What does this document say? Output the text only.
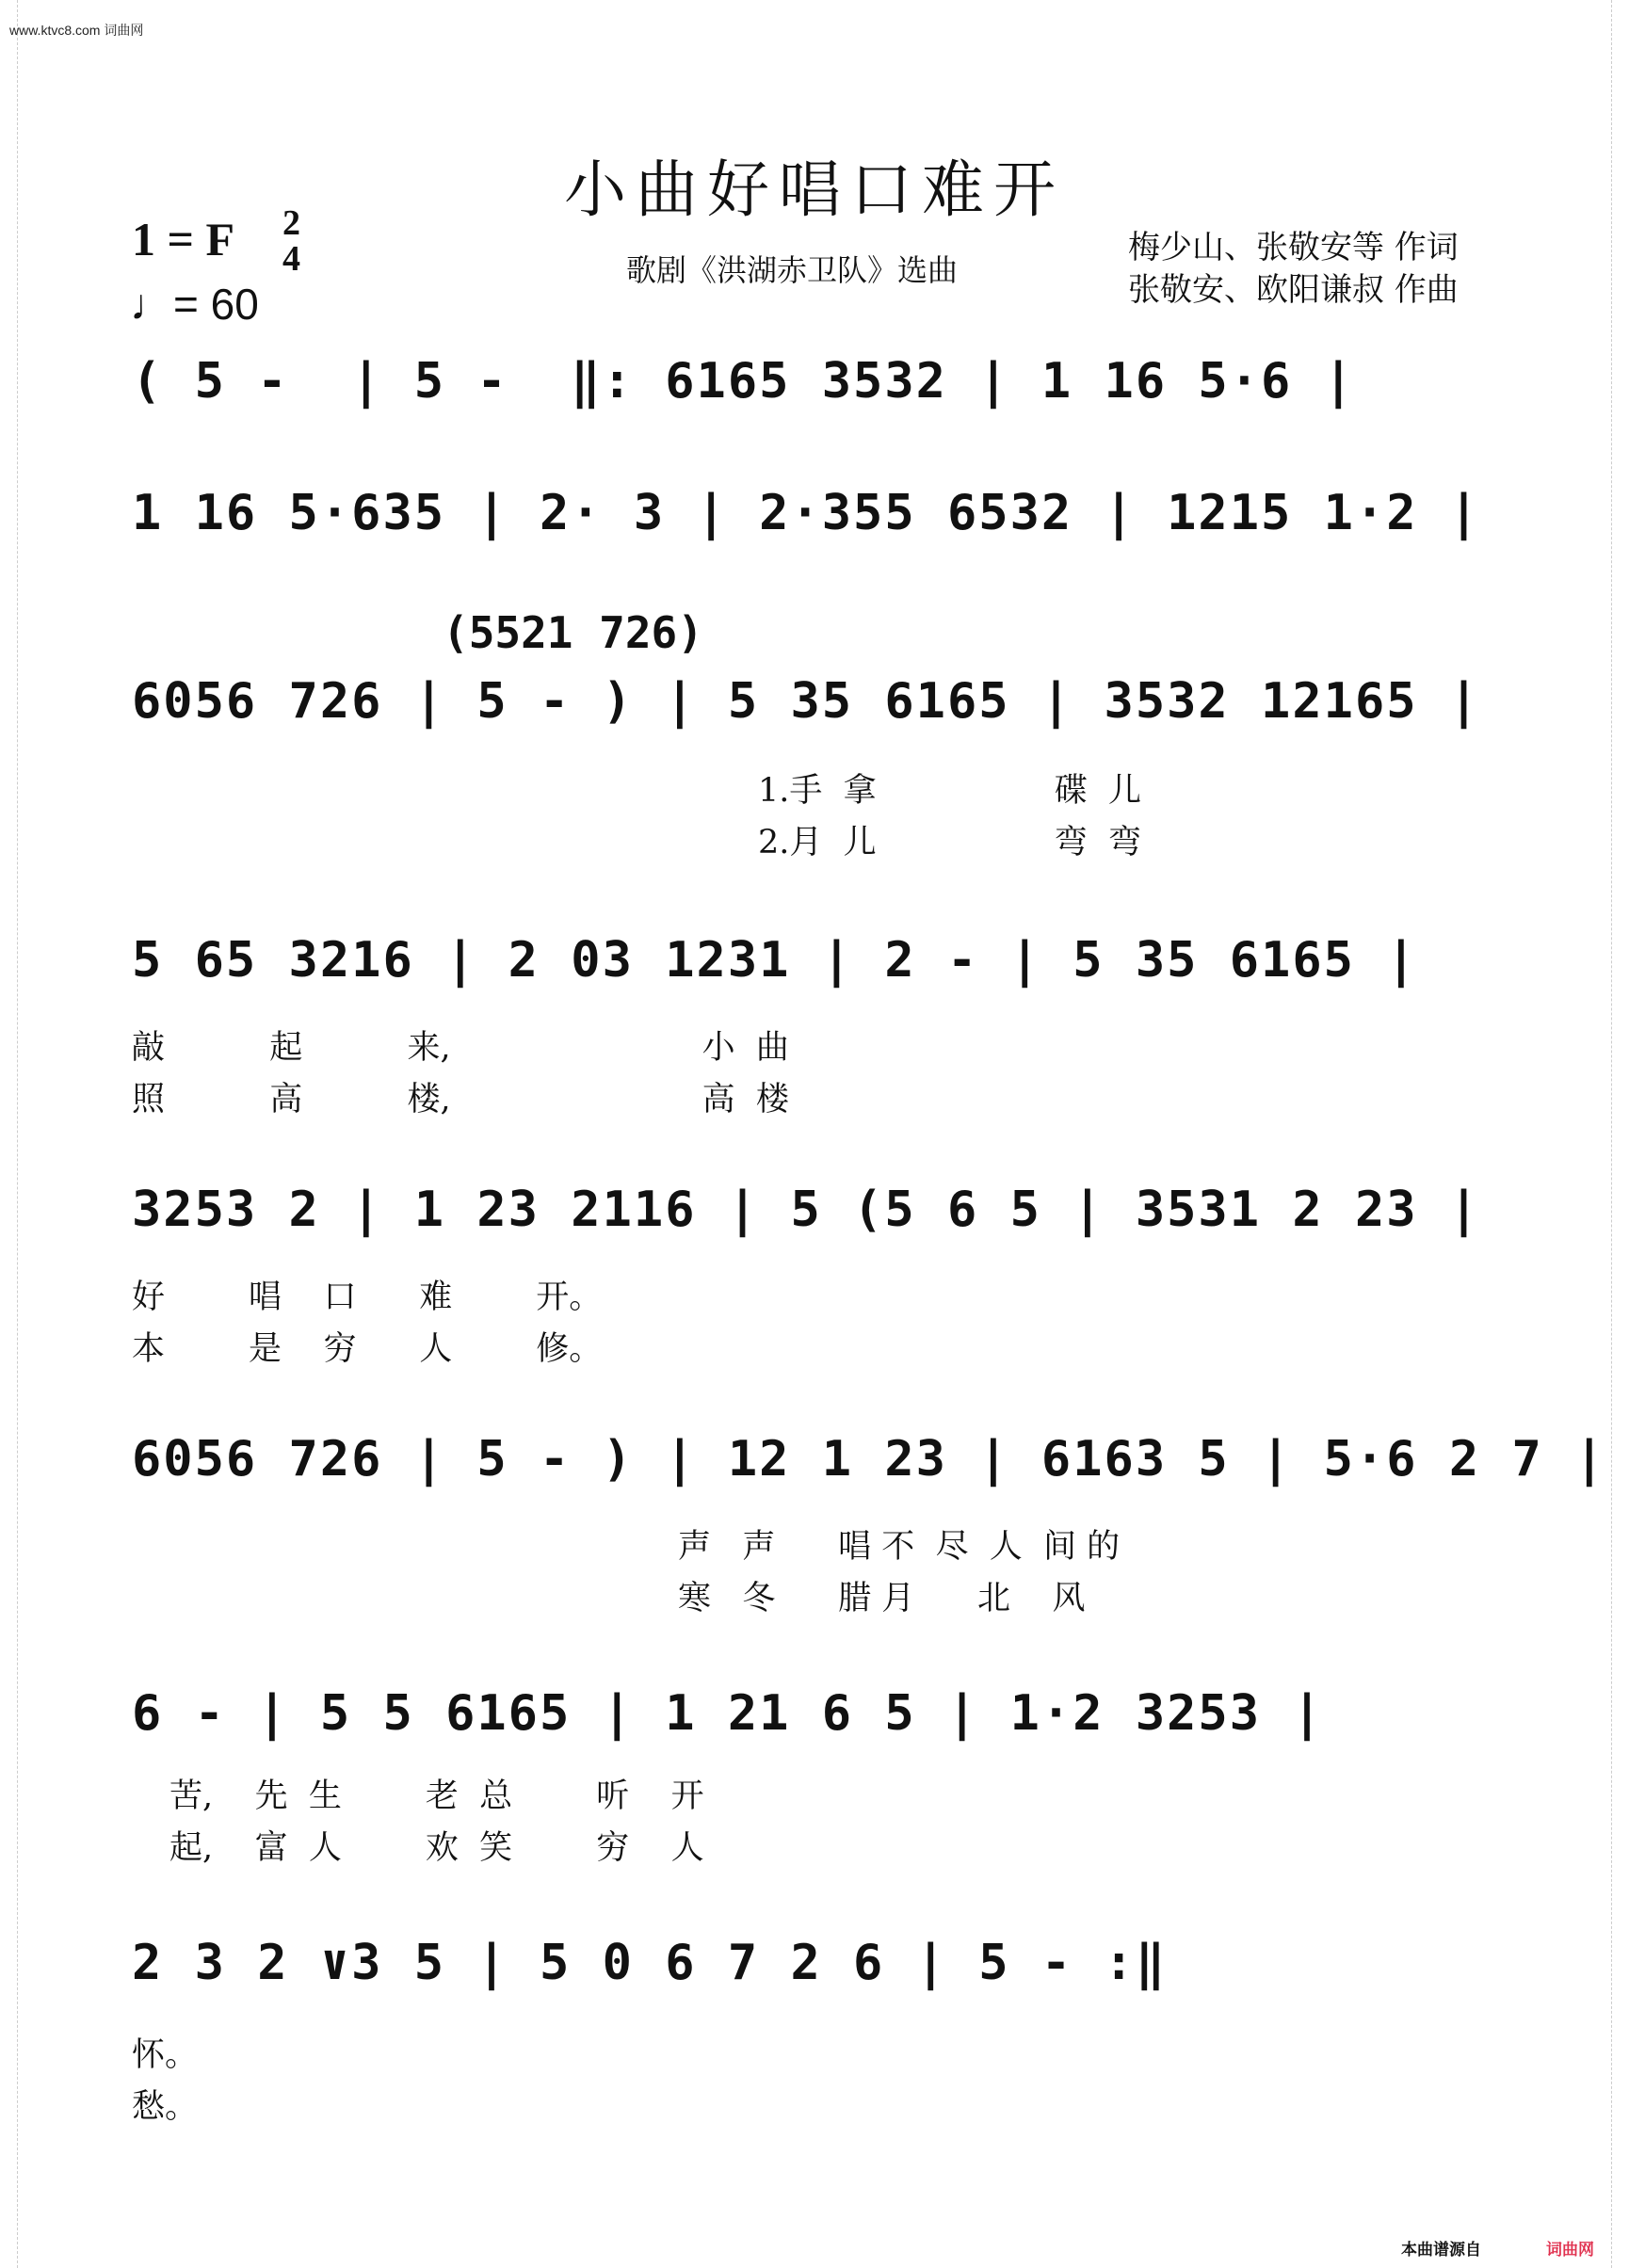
www.ktvc8.com 词曲网
小曲好唱口难开
1 = F 2
4
♩= 60
歌剧《洪湖赤卫队》选曲
梅少山、张敬安等 作词
张敬安、欧阳谦叔 作曲
( 5 -  | 5 -  ‖: 6165 3532 | 1 16 5·6 |
1 16 5·635 | 2· 3 | 2·355 6532 | 1215 1·2 |
(5521 726)
6056 726 | 5 - ) | 5 35 6165 | 3532 12165 |
5 65 3216 | 2 03 1231 | 2 - | 5 35 6165 |
3253 2 | 1 23 2116 | 5 (5 6 5 | 3531 2 23 |
6056 726 | 5 - ) | 12 1 23 | 6163 5 | 5·6 2 7 |
6 - | 5 5 6165 | 1 21 6 5 | 1·2 3253 |
2 3 2 ∨3 5 | 5 0 6 7 2 6 | 5 - :‖
1.手  拿                 碟  儿
2.月  儿                 弯  弯
敲          起          来,                        小  曲
照          高          楼,                        高  楼
好        唱    口      难        开。
本        是    穷      人        修。
声   声      唱 不  尽  人  间 的
寒   冬      腊 月      北    风
苦,    先  生        老  总        听    开
起,    富  人        欢  笑        穷    人
怀。
愁。
本曲谱源自	词曲网
